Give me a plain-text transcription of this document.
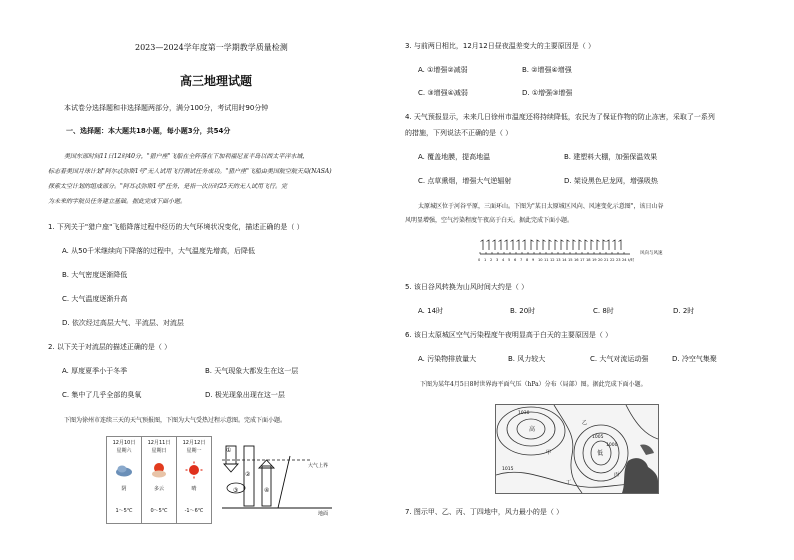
2023—2024学年度第一学期教学质量检测
高三地理试题
本试卷分选择题和非选择题两部分，满分100分，考试用时90分钟
一、选择题：本大题共18小题，每小题3分，共54分
美国东部时间11日12时40分，"猎户座"飞船在全阵落在下加利福尼亚半岛以西太平洋水域，
标志着美国月球计划"阿尔忒弥斯1号"无人试用飞行测试任务成功。"猎户座"飞船由美国航空航天局(NASA)
探索太空计划的组成部分。"阿耳忒弥斯1号"任务，是指一次历时25天的无人试用飞行。完
为未来的字航员任务建立基础。据此完成下面小题。
1. 下列关于"猎户座"飞船降落过程中经历的大气环境状况变化，描述正确的是（ ）
A. 从50千米继续向下降落的过程中，大气温度先增高，后降低
B. 大气密度逐渐降低
C. 大气温度逐渐升高
D. 依次经过高层大气、平流层、对流层
2. 以下关于对流层的描述正确的是（ ）
A. 厚度夏季小于冬季	B. 天气现象大都发生在这一层
C. 集中了几乎全部的臭氧	D. 极光现象出现在这一层
下图为徐州市连续三天的天气预报图，下图为大气受热过程示意图。完成下面小题。
12月10日
星期六
阴
1～5℃
12月11日
星期日
多云
0～5℃
12月12日
星期一
晴
-1～6℃
①
②
③	④
大气上界
地面
3. 与前两日相比，12月12日昼夜温差变大的主要原因是（ ）
A. ①增强②减弱	B. ②增强④增强
C. ③增强④减弱	D. ①增强③增强
4. 天气预报显示，未来几日徐州市温度还将持续降低，农民为了保证作物的防止冻害，采取了一系列
的措施，下列说法不正确的是（ ）
A. 覆盖地膜，提高地温	B. 建塑料大棚，加强保温效果
C. 点草熏烟，增强大气逆辐射	D. 架设黑色尼龙网，增强吸热
太原城区位于河谷平原，三面环山。下图为"某日太原城区风向、风速变化示意图"，该日山谷
风明显增强，空气污染程度午夜高于白天。据此完成下面小题。
0 1 2 3 4 5 6 7 8 9 10 11 12 13 14 15 16 17 18 19 20 21 22 23 24 t/时
风向与风速
5. 该日谷风转换为山风时间大约是（ ）
A. 14时	B. 20时	C. 8时	D. 2时
6. 该日太原城区空气污染程度午夜明显高于白天的主要原因是（ ）
A. 污染物排放量大	B. 风力较大	C. 大气对流运动强	D. 冷空气集聚
下图为某年4月5日8时世界海平面气压（hPa）分布（局部）图。据此完成下面小题。
高
低
甲
乙
丙
丁
1030
1005
1000
1015
7. 图示甲、乙、丙、丁四地中，风力最小的是（ ）
